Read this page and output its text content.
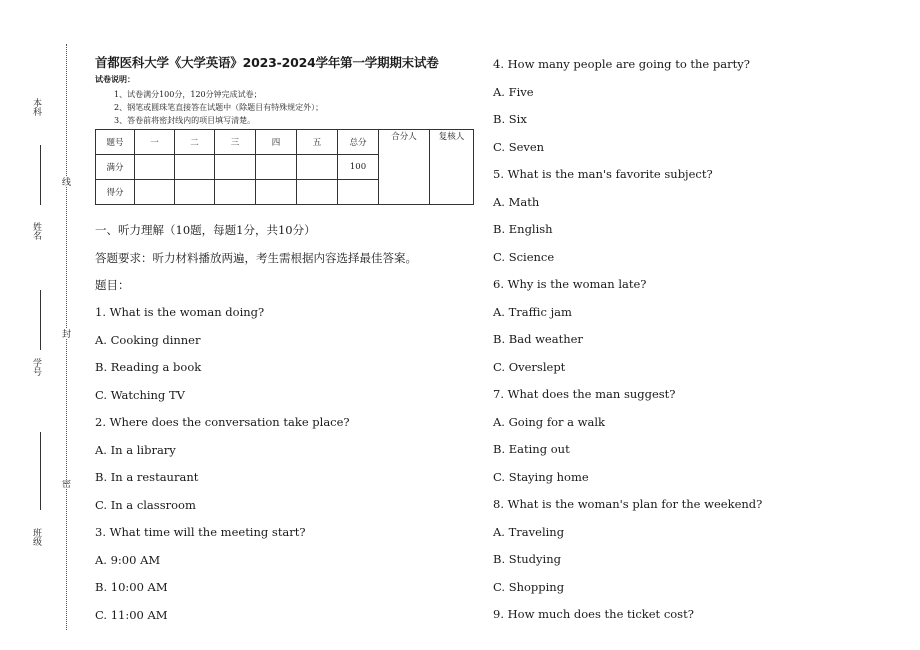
本科
线
姓名
封
学号
密
班级
首都医科大学《大学英语》2023-2024学年第一学期期末试卷
试卷说明：
1、试卷满分100分，120分钟完成试卷；
2、钢笔或圆珠笔直接答在试题中（除题目有特殊规定外）；
3、答卷前将密封线内的项目填写清楚。
题号	一	二	三	四	五	总分	合分人	复核人
满分						100		
得分								
一、听力理解（10题，每题1分，共10分）
答题要求：听力材料播放两遍，考生需根据内容选择最佳答案。
题目：
1. What is the woman doing?
A. Cooking dinner
B. Reading a book
C. Watching TV
2. Where does the conversation take place?
A. In a library
B. In a restaurant
C. In a classroom
3. What time will the meeting start?
A. 9:00 AM
B. 10:00 AM
C. 11:00 AM
4. How many people are going to the party?
A. Five
B. Six
C. Seven
5. What is the man's favorite subject?
A. Math
B. English
C. Science
6. Why is the woman late?
A. Traffic jam
B. Bad weather
C. Overslept
7. What does the man suggest?
A. Going for a walk
B. Eating out
C. Staying home
8. What is the woman's plan for the weekend?
A. Traveling
B. Studying
C. Shopping
9. How much does the ticket cost?
